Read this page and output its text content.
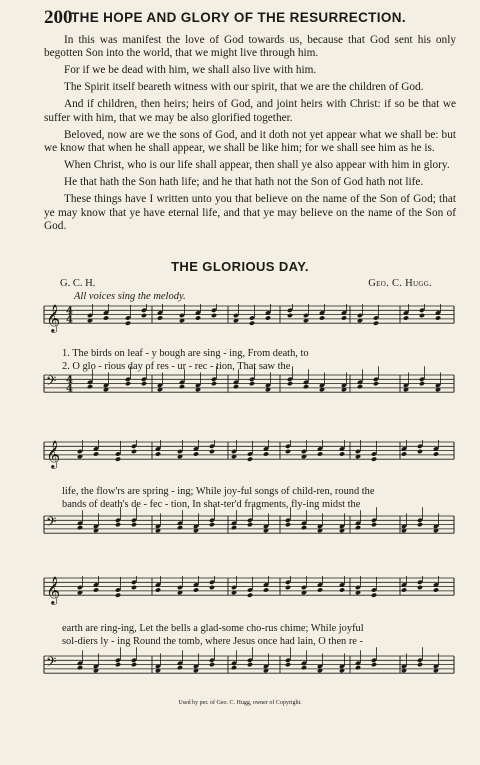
200
THE HOPE AND GLORY OF THE RESURRECTION.

In this was manifest the love of God towards us, because that God sent his only begotten Son into the world, that we might live through him.

For if we be dead with him, we shall also live with him.

The Spirit itself beareth witness with our spirit, that we are the children of God.

And if children, then heirs; heirs of God, and joint heirs with Christ: if so be that we suffer with him, that we may be also glorified together.

Beloved, now are we the sons of God, and it doth not yet appear what we shall be: but we know that when he shall appear, we shall be like him; for we shall see him as he is.

When Christ, who is our life shall appear, then shall ye also appear with him in glory.

He that hath the Son hath life; and he that hath not the Son of God hath not life.

These things have I written unto you that believe on the name of the Son of God; that ye may know that ye have eternal life, and that ye may believe on the name of the Son of God.

THE GLORIOUS DAY.
G. C. H.	Geo. C. Hugg.
All voices sing the melody.
𝄞 4
4
𝄢 4
4
1. The birds on leaf - y bough are sing - ing, From death, to
2. O glo - rious day of res - ur - rec - tion, That saw the
𝄞
𝄢
life, the flow'rs are spring - ing; While joy-ful songs of child-ren, round the
bands of death's de - fec - tion, In shat-ter'd fragments, fly-ing midst the
𝄞
𝄢
earth are ring-ing, Let the bells a glad-some cho-rus chime; While joyful
sol-diers ly - ing Round the tomb, where Jesus once had lain, O then re -
Used by per. of Geo. C. Hugg, owner of Copyright.
